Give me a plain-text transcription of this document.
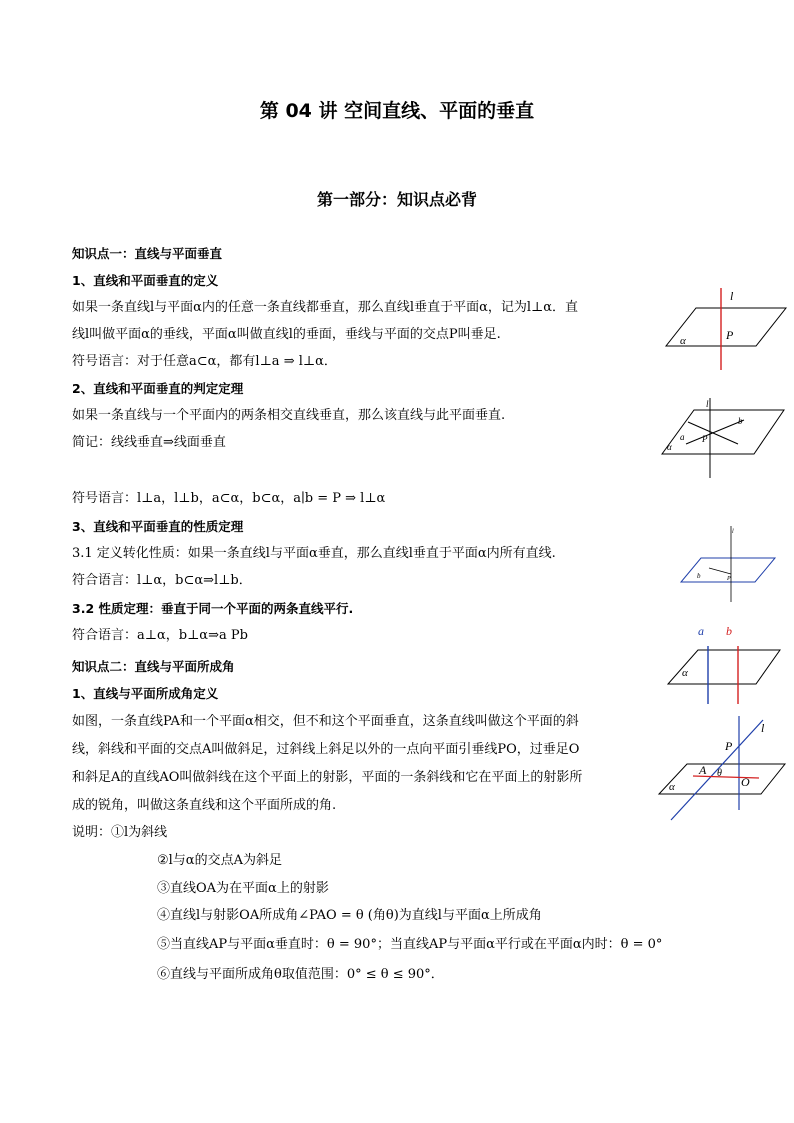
第 04 讲 空间直线、平面的垂直
第一部分：知识点必背
知识点一：直线与平面垂直
1、直线和平面垂直的定义
如果一条直线l与平面α内的任意一条直线都垂直，那么直线l垂直于平面α，记为l⊥α．直
线l叫做平面α的垂线，平面α叫做直线l的垂面，垂线与平面的交点P叫垂足.
符号语言：对于任意a⊂α，都有l⊥a ⇒ l⊥α．
2、直线和平面垂直的判定定理
如果一条直线与一个平面内的两条相交直线垂直，那么该直线与此平面垂直.
简记：线线垂直⇒线面垂直
符号语言：l⊥a，l⊥b，a⊂α，b⊂α，a∣b = P ⇒ l⊥α
3、直线和平面垂直的性质定理
3.1 定义转化性质：如果一条直线l与平面α垂直，那么直线l垂直于平面α内所有直线.
符合语言：l⊥α，b⊂α⇒l⊥b．
3.2 性质定理：垂直于同一个平面的两条直线平行.
符合语言：a⊥α，b⊥α⇒a Pb
知识点二：直线与平面所成角
1、直线与平面所成角定义
如图，一条直线PA和一个平面α相交，但不和这个平面垂直，这条直线叫做这个平面的斜
线，斜线和平面的交点A叫做斜足，过斜线上斜足以外的一点向平面引垂线PO，过垂足O
和斜足A的直线AO叫做斜线在这个平面上的射影，平面的一条斜线和它在平面上的射影所
成的锐角，叫做这条直线和这个平面所成的角.
说明：①l为斜线
②l与α的交点A为斜足
③直线OA为在平面α上的射影
④直线l与射影OA所成角∠PAO = θ (角θ)为直线l与平面α上所成角
⑤当直线AP与平面α垂直时：θ = 90°；当直线AP与平面α平行或在平面α内时：θ = 0°
⑥直线与平面所成角θ取值范围：0° ≤ θ ≤ 90°．
l
P
α
l
a
b
P
α
l
b	P
a b
α
l
P
A θ
O
α
